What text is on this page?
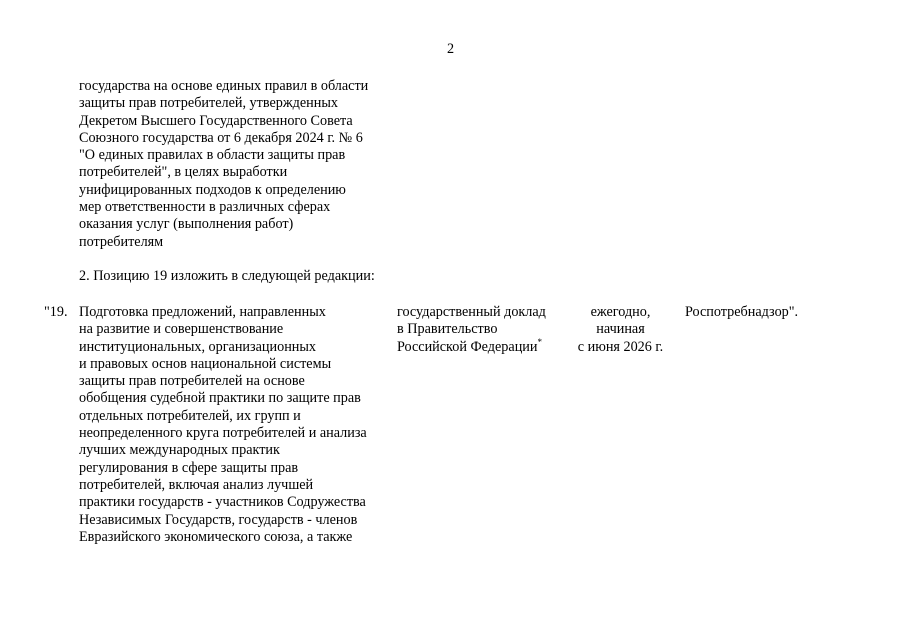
2
государства на основе единых правил в области
защиты прав потребителей, утвержденных
Декретом Высшего Государственного Совета
Союзного государства от 6 декабря 2024 г. № 6
"О единых правилах в области защиты прав
потребителей", в целях выработки
унифицированных подходов к определению
мер ответственности в различных сферах
оказания услуг (выполнения работ)
потребителям
2. Позицию 19 изложить в следующей редакции:
"19. Подготовка предложений, направленных
на развитие и совершенствование
институциональных, организационных
и правовых основ национальной системы
защиты прав потребителей на основе
обобщения судебной практики по защите прав
отдельных потребителей, их групп и
неопределенного круга потребителей и анализа
лучших международных практик
регулирования в сфере защиты прав
потребителей, включая анализ лучшей
практики государств - участников Содружества
Независимых Государств, государств - членов
Евразийского экономического союза, а также
государственный доклад
в Правительство
Российской Федерации*
ежегодно,
начиная
с июня 2026 г.
Роспотребнадзор".
